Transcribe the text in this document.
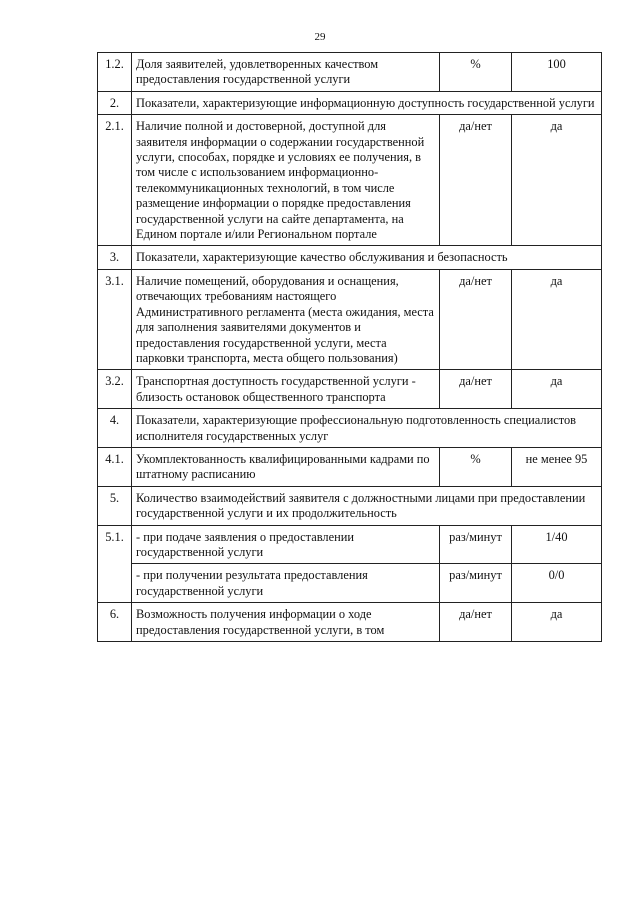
29
1.2.	Доля заявителей, удовлетворенных качеством предоставления государственной услуги	%	100
2.	Показатели, характеризующие информационную доступность государственной услуги		
2.1.	Наличие полной и достоверной, доступной для заявителя информации о содержании государственной услуги, способах, порядке и условиях ее получения, в том числе с использованием информационно-телекоммуникационных технологий, в том числе размещение информации о порядке предоставления государственной услуги на сайте департамента, на Едином портале и/или Региональном портале	да/нет	да
3.	Показатели, характеризующие качество обслуживания и безопасность		
3.1.	Наличие помещений, оборудования и оснащения, отвечающих требованиям настоящего Административного регламента (места ожидания, места для заполнения заявителями документов и предоставления государственной услуги, места парковки транспорта, места общего пользования)	да/нет	да
3.2.	Транспортная доступность государственной услуги - близость остановок общественного транспорта	да/нет	да
4.	Показатели, характеризующие профессиональную подготовленность специалистов исполнителя государственных услуг		
4.1.	Укомплектованность квалифицированными кадрами по штатному расписанию	%	не менее 95
5.	Количество взаимодействий заявителя с должностными лицами при предоставлении государственной услуги и их продолжительность		
5.1.	- при подаче заявления о предоставлении государственной услуги	раз/минут	1/40
	- при получении результата предоставления государственной услуги	раз/минут	0/0
6.	Возможность получения информации о ходе предоставления государственной услуги, в том	да/нет	да
